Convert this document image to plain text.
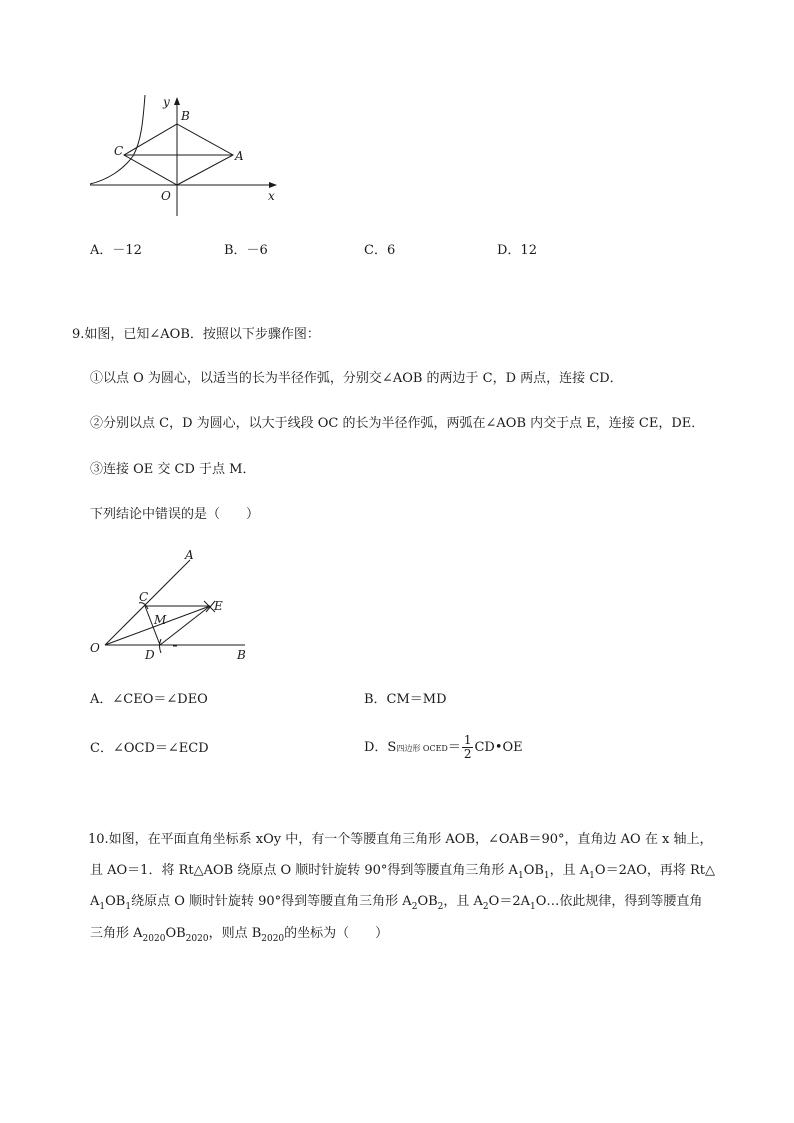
y
B
C	A
O	x
A．－12	B．－6	C．6	D．12
9.如图，已知∠AOB．按照以下步骤作图：
①以点 O 为圆心，以适当的长为半径作弧，分别交∠AOB 的两边于 C，D 两点，连接 CD．
②分别以点 C，D 为圆心，以大于线段 OC 的长为半径作弧，两弧在∠AOB 内交于点 E，连接 CE，DE．
③连接 OE 交 CD 于点 M．
下列结论中错误的是（　　）
A
C
E
M
O	D	B
A．∠CEO＝∠DEO	B．CM＝MD
C．∠OCD＝∠ECD	D．S四边形 OCED＝ $\frac{1}{2}$ CD•OE
10.如图，在平面直角坐标系 xOy 中，有一个等腰直角三角形 AOB，∠OAB＝90°，直角边 AO 在 x 轴上，
且 AO＝1．将 Rt△AOB 绕原点 O 顺时针旋转 90°得到等腰直角三角形 $A_1OB_1$，且 $A_1O=2AO$，再将 Rt△
$A_1OB_1$绕原点 O 顺时针旋转 90°得到等腰直角三角形 $A_2OB_2$，且 $A_2O=2A_1O\dots$依此规律，得到等腰直角
三角形 $A_{2020}OB_{2020}$，则点 $B_{2020}$的坐标为（　　）
